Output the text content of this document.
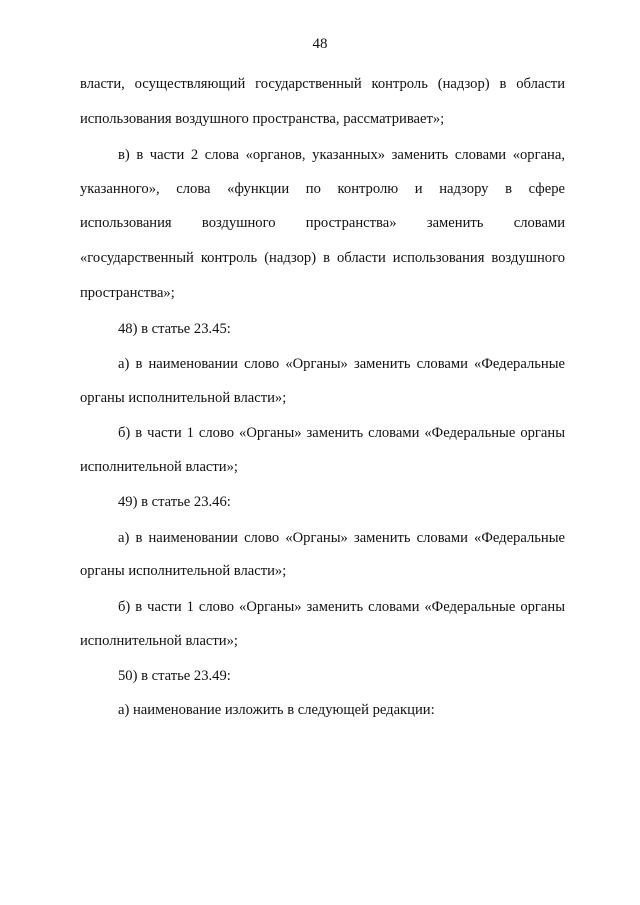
48
власти, осуществляющий государственный контроль (надзор) в области
использования воздушного пространства, рассматривает»;
в) в части 2 слова «органов, указанных» заменить словами «органа,
указанного», слова «функции по контролю и надзору в сфере
использования воздушного пространства» заменить словами
«государственный контроль (надзор) в области использования воздушного
пространства»;
48) в статье 23.45:
а) в наименовании слово «Органы» заменить словами «Федеральные
органы исполнительной власти»;
б) в части 1 слово «Органы» заменить словами «Федеральные органы
исполнительной власти»;
49) в статье 23.46:
а) в наименовании слово «Органы» заменить словами «Федеральные
органы исполнительной власти»;
б) в части 1 слово «Органы» заменить словами «Федеральные органы
исполнительной власти»;
50) в статье 23.49:
а) наименование изложить в следующей редакции:
